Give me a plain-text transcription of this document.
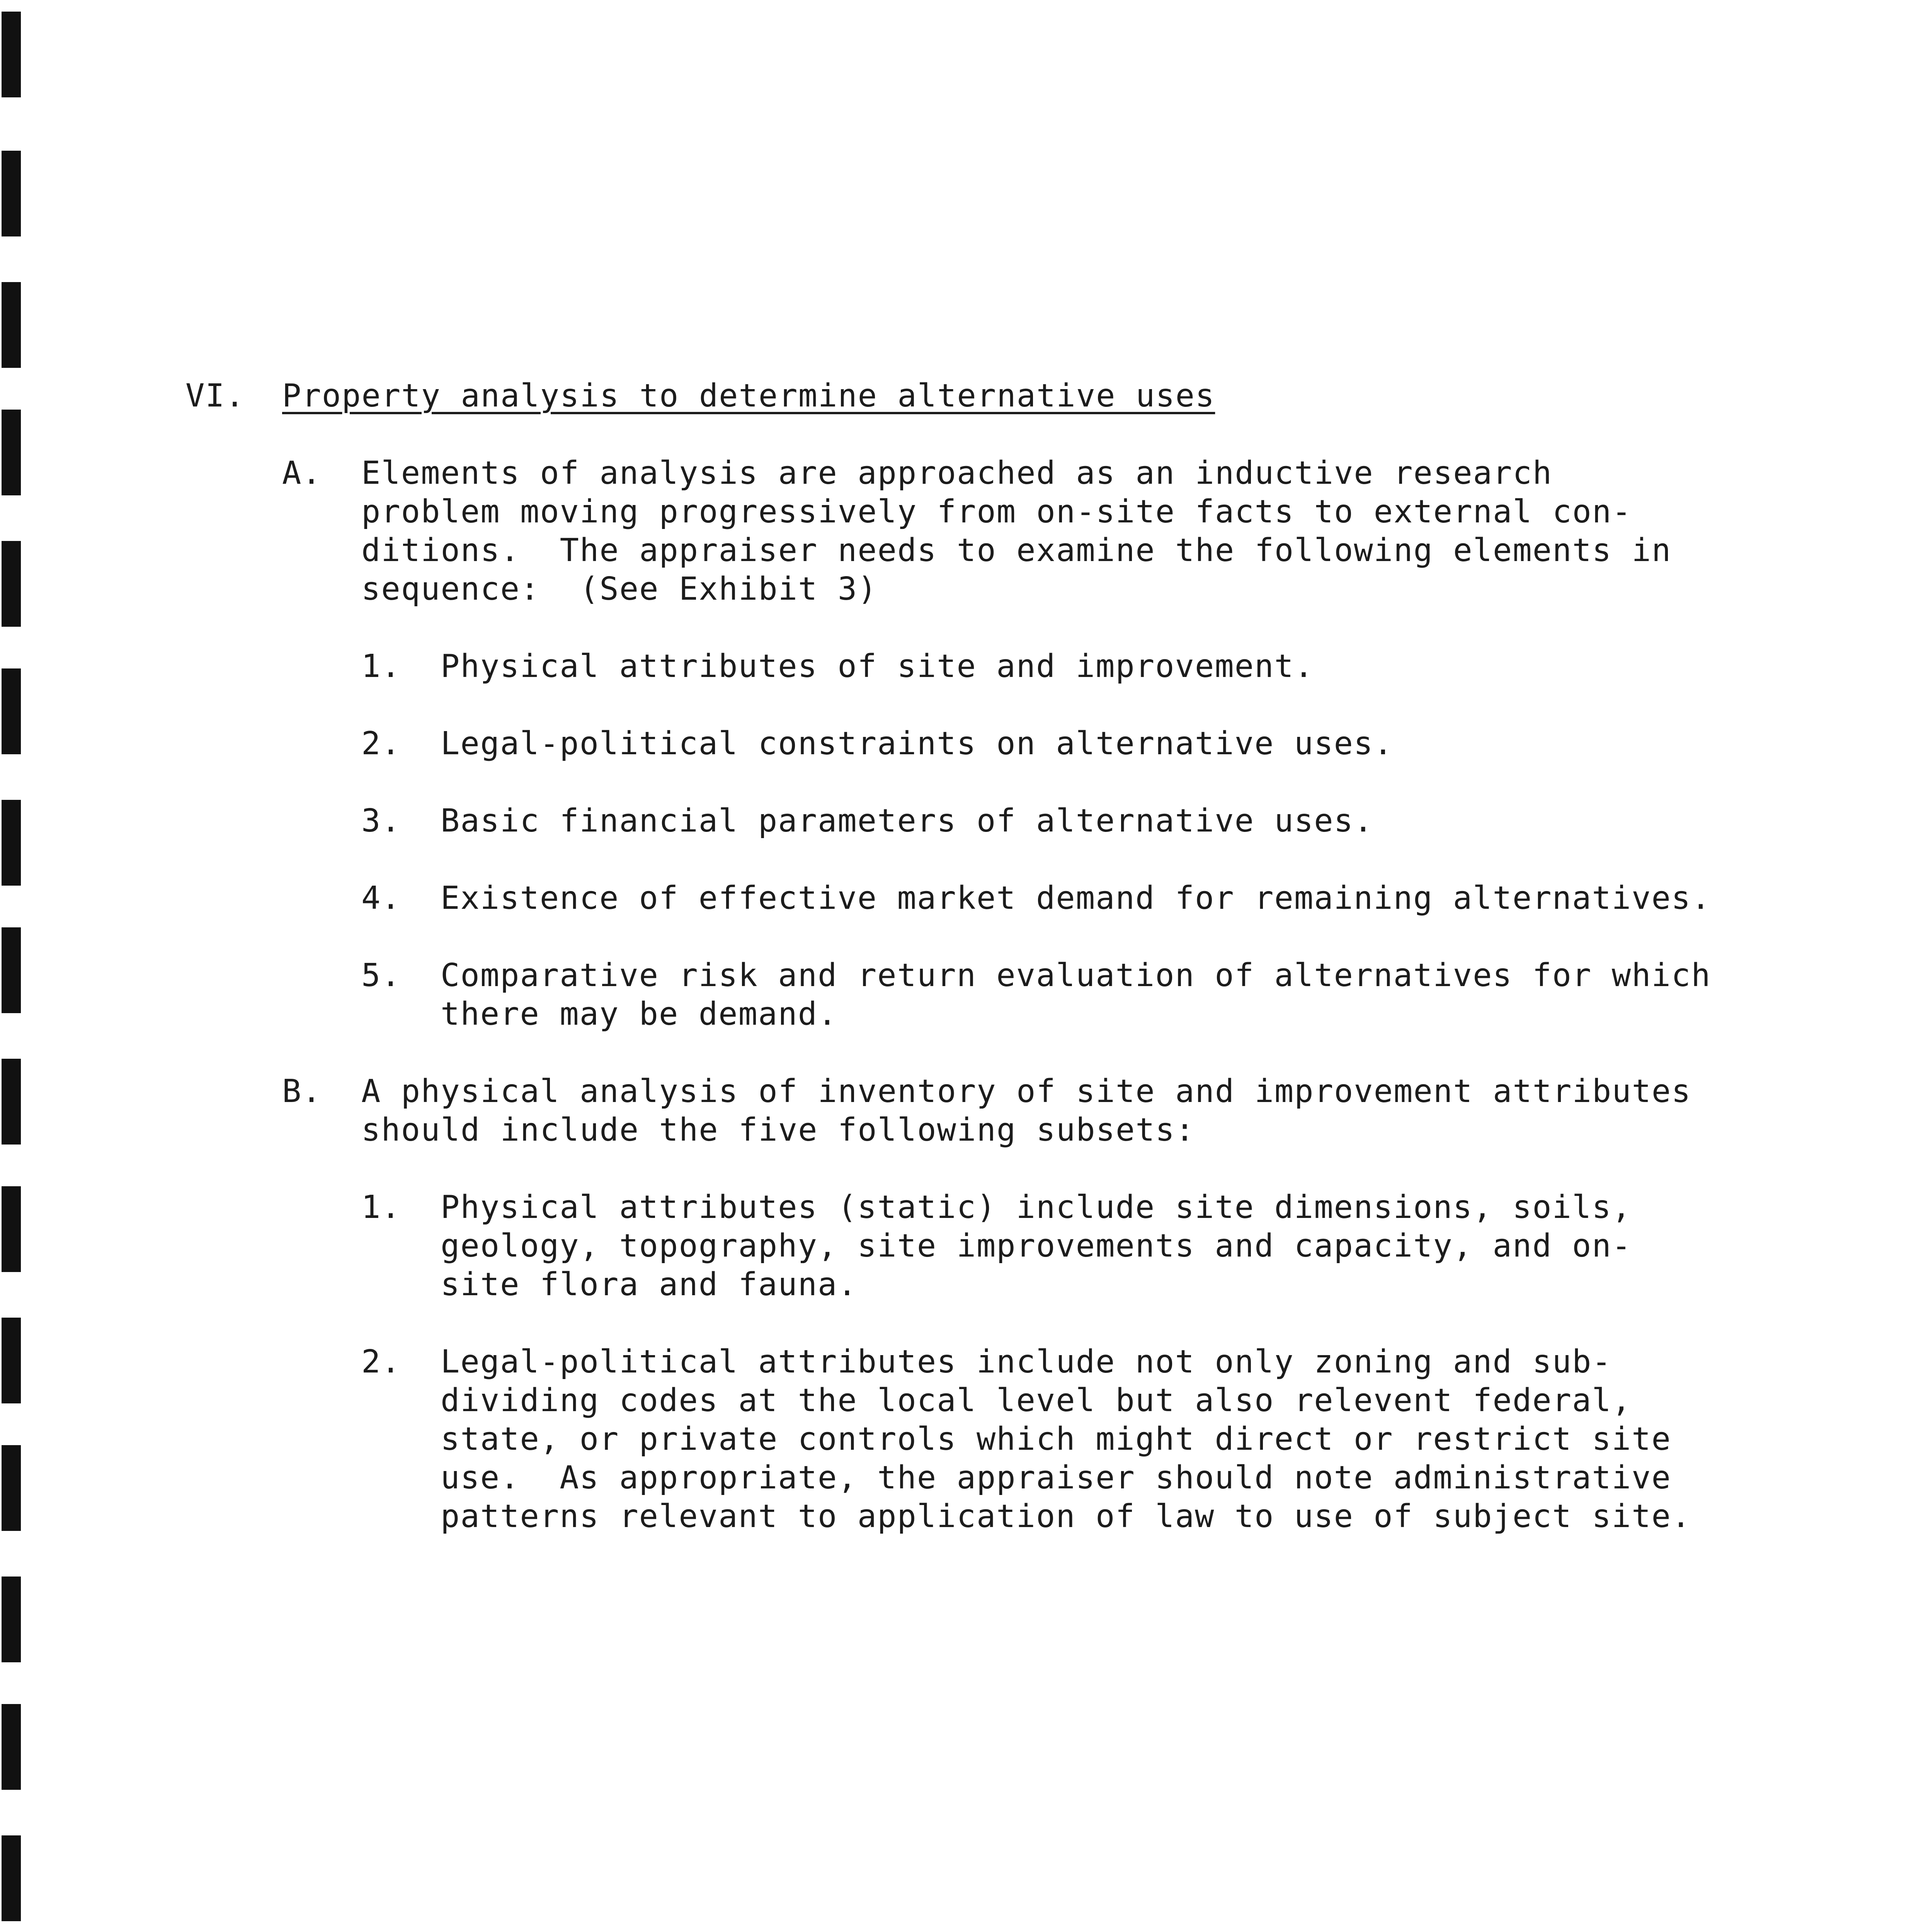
VI. Property analysis to determine alternative uses
A. Elements of analysis are approached as an inductive research
problem moving progressively from on-site facts to external con-
ditions.  The appraiser needs to examine the following elements in
sequence:  (See Exhibit 3)
1. Physical attributes of site and improvement.
2. Legal-political constraints on alternative uses.
3. Basic financial parameters of alternative uses.
4. Existence of effective market demand for remaining alternatives.
5. Comparative risk and return evaluation of alternatives for which
there may be demand.
B. A physical analysis of inventory of site and improvement attributes
should include the five following subsets:
1. Physical attributes (static) include site dimensions, soils,
geology, topography, site improvements and capacity, and on-
site flora and fauna.
2. Legal-political attributes include not only zoning and sub-
dividing codes at the local level but also relevent federal,
state, or private controls which might direct or restrict site
use.  As appropriate, the appraiser should note administrative
patterns relevant to application of law to use of subject site.
